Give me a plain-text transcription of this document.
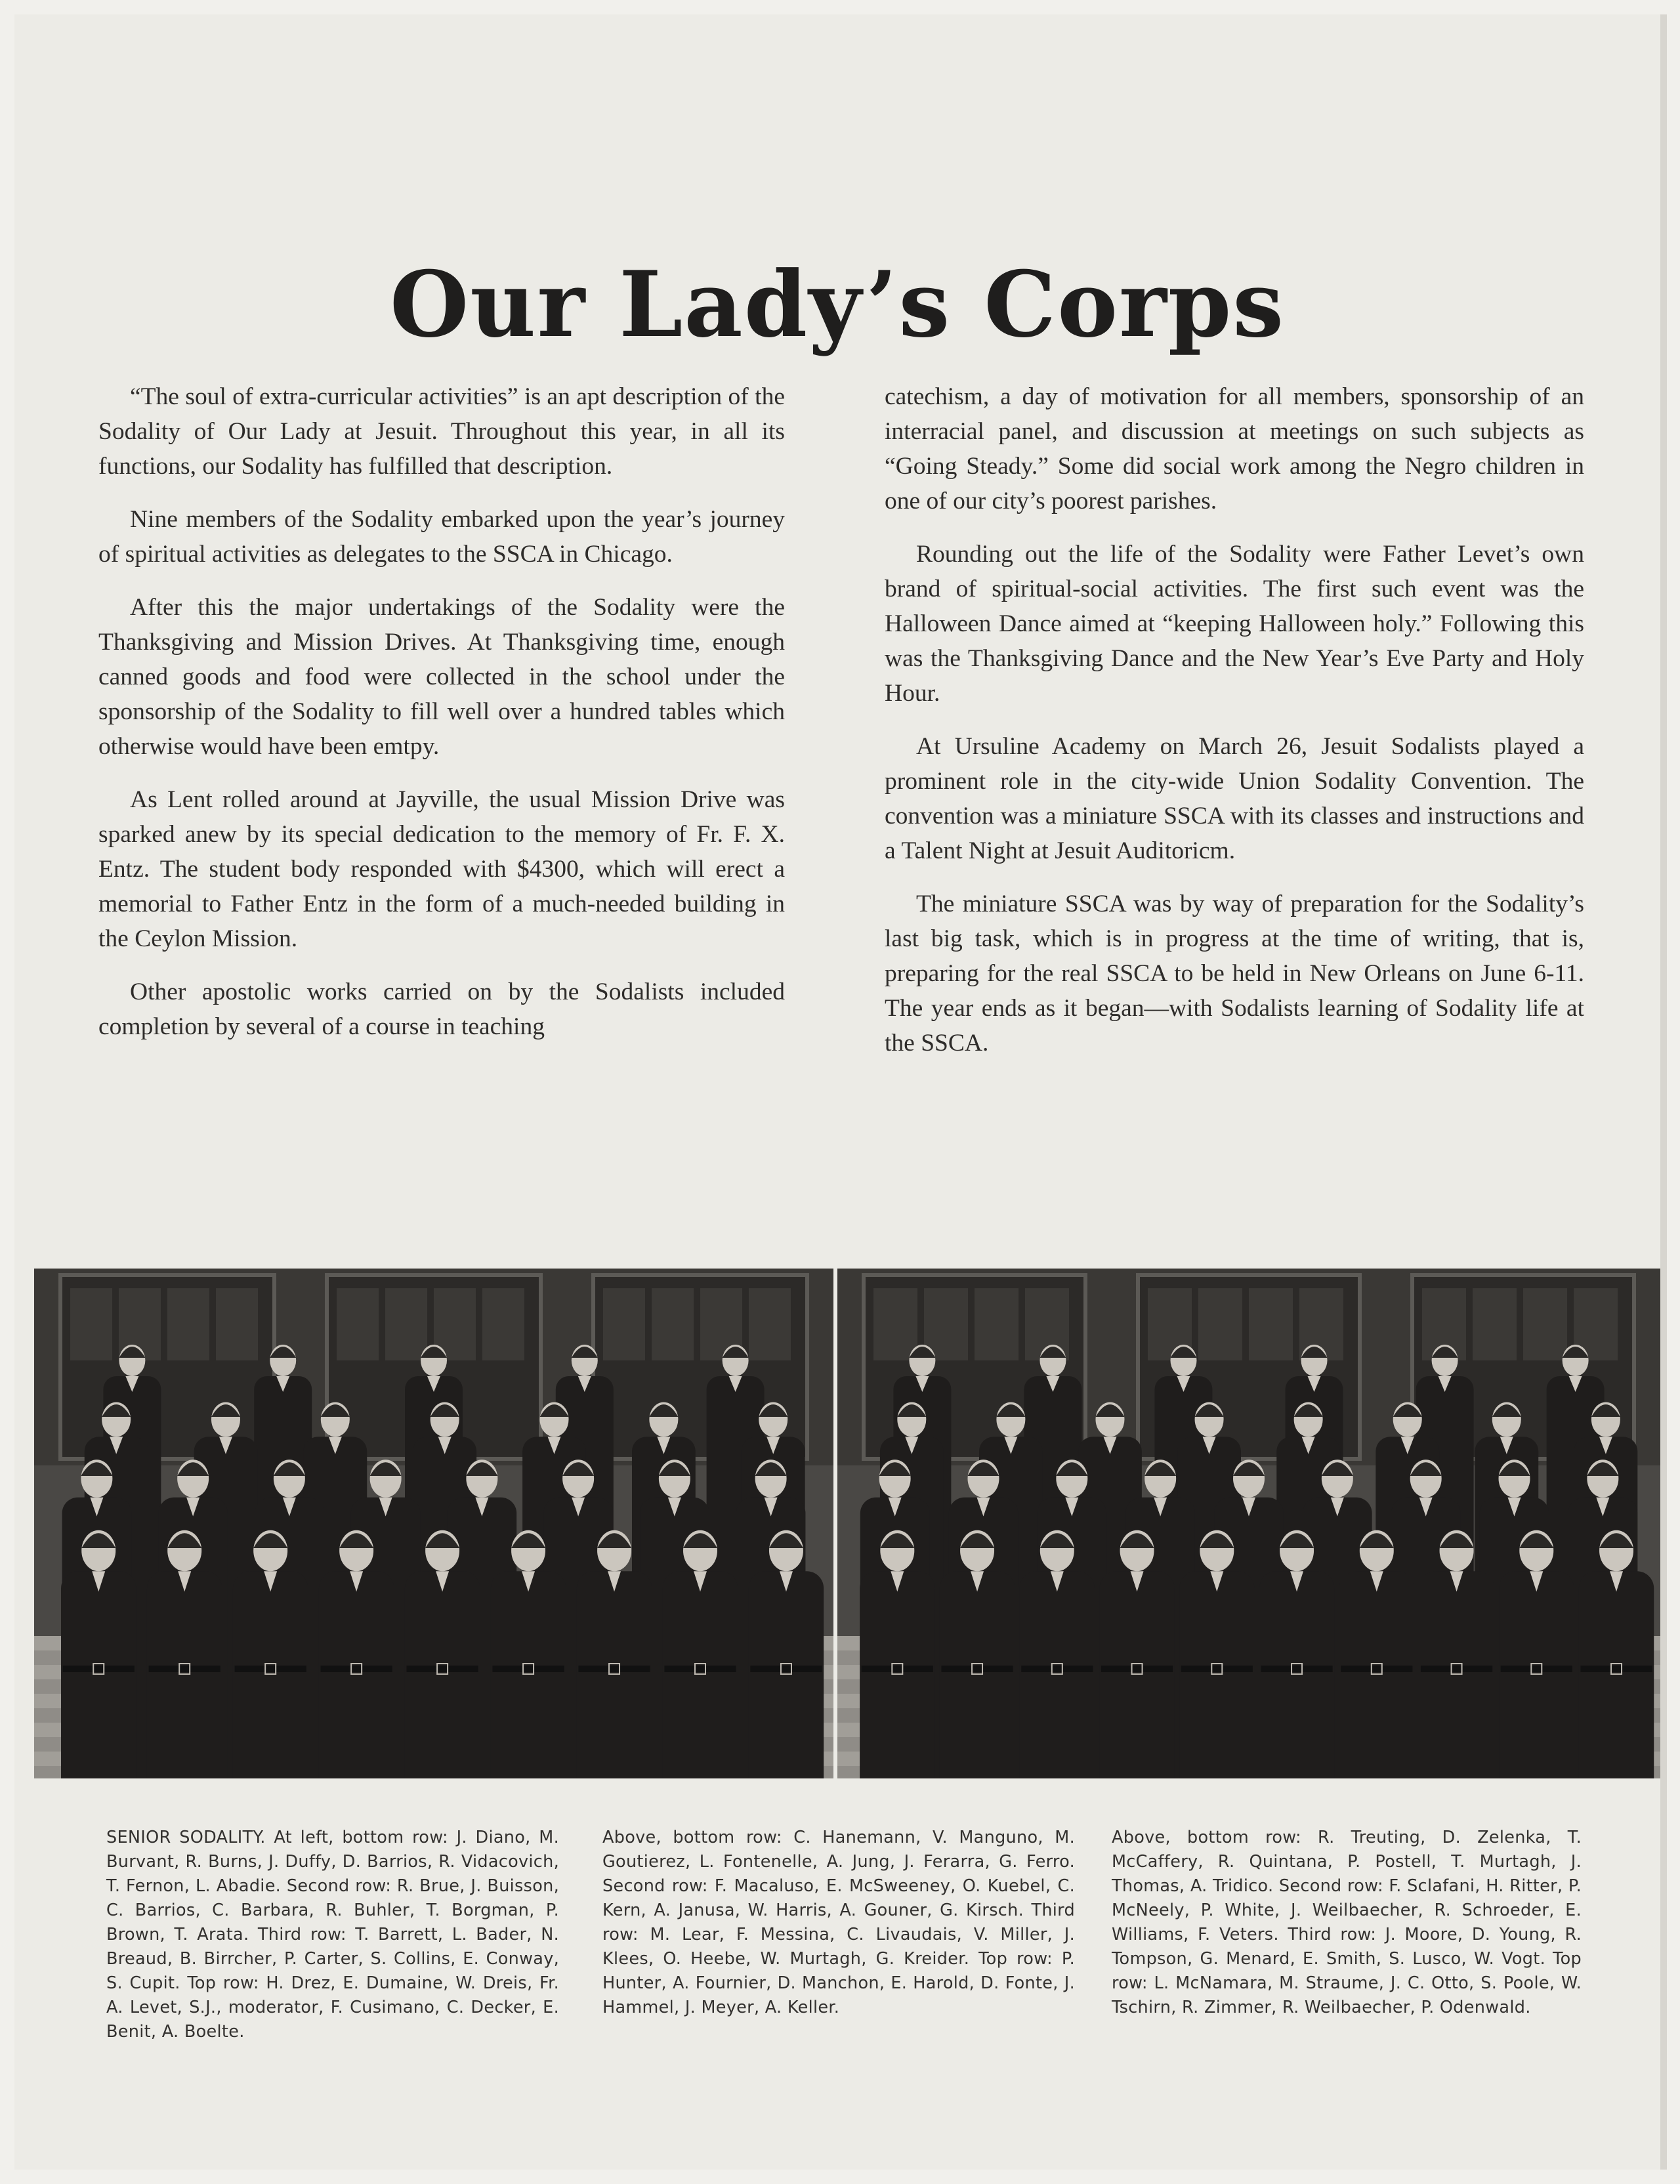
Our Lady’s Corps

“The soul of extra-curricular activities” is an apt description of the Sodality of Our Lady at Jesuit. Throughout this year, in all its functions, our Sodality has fulfilled that description.

Nine members of the Sodality embarked upon the year’s journey of spiritual activities as delegates to the SSCA in Chicago.

After this the major undertakings of the Sodality were the Thanksgiving and Mission Drives. At Thanksgiving time, enough canned goods and food were collected in the school under the sponsorship of the Sodality to fill well over a hundred tables which otherwise would have been emtpy.

As Lent rolled around at Jayville, the usual Mission Drive was sparked anew by its special dedication to the memory of Fr. F. X. Entz. The student body responded with $4300, which will erect a memorial to Father Entz in the form of a much-needed building in the Ceylon Mission.

Other apostolic works carried on by the Sodalists included completion by several of a course in teaching

catechism, a day of motivation for all members, sponsorship of an interracial panel, and discussion at meetings on such subjects as “Going Steady.” Some did social work among the Negro children in one of our city’s poorest parishes.

Rounding out the life of the Sodality were Father Levet’s own brand of spiritual-social activities. The first such event was the Halloween Dance aimed at “keeping Halloween holy.” Following this was the Thanksgiving Dance and the New Year’s Eve Party and Holy Hour.

At Ursuline Academy on March 26, Jesuit Sodalists played a prominent role in the city-wide Union Sodality Convention. The convention was a miniature SSCA with its classes and instructions and a Talent Night at Jesuit Auditoricm.

The miniature SSCA was by way of preparation for the Sodality’s last big task, which is in progress at the time of writing, that is, preparing for the real SSCA to be held in New Orleans on June 6-11. The year ends as it began—with Sodalists learning of Sodality life at the SSCA.

SENIOR SODALITY. At left, bottom row: J. Diano, M. Burvant, R. Burns, J. Duffy, D. Barrios, R. Vidacovich, T. Fernon, L. Abadie. Second row: R. Brue, J. Buisson, C. Barrios, C. Barbara, R. Buhler, T. Borgman, P. Brown, T. Arata. Third row: T. Barrett, L. Bader, N. Breaud, B. Birrcher, P. Carter, S. Collins, E. Conway, S. Cupit. Top row: H. Drez, E. Dumaine, W. Dreis, Fr. A. Levet, S.J., moderator, F. Cusimano, C. Decker, E. Benit, A. Boelte.
Above, bottom row: C. Hanemann, V. Manguno, M. Goutierez, L. Fontenelle, A. Jung, J. Ferarra, G. Ferro. Second row: F. Macaluso, E. McSweeney, O. Kuebel, C. Kern, A. Janusa, W. Harris, A. Gouner, G. Kirsch. Third row: M. Lear, F. Messina, C. Livaudais, V. Miller, J. Klees, O. Heebe, W. Murtagh, G. Kreider. Top row: P. Hunter, A. Fournier, D. Manchon, E. Harold, D. Fonte, J. Hammel, J. Meyer, A. Keller.
Above, bottom row: R. Treuting, D. Zelenka, T. McCaffery, R. Quintana, P. Postell, T. Murtagh, J. Thomas, A. Tridico. Second row: F. Sclafani, H. Ritter, P. McNeely, P. White, J. Weilbaecher, R. Schroeder, E. Williams, F. Veters. Third row: J. Moore, D. Young, R. Tompson, G. Menard, E. Smith, S. Lusco, W. Vogt. Top row: L. McNamara, M. Straume, J. C. Otto, S. Poole, W. Tschirn, R. Zimmer, R. Weilbaecher, P. Odenwald.
